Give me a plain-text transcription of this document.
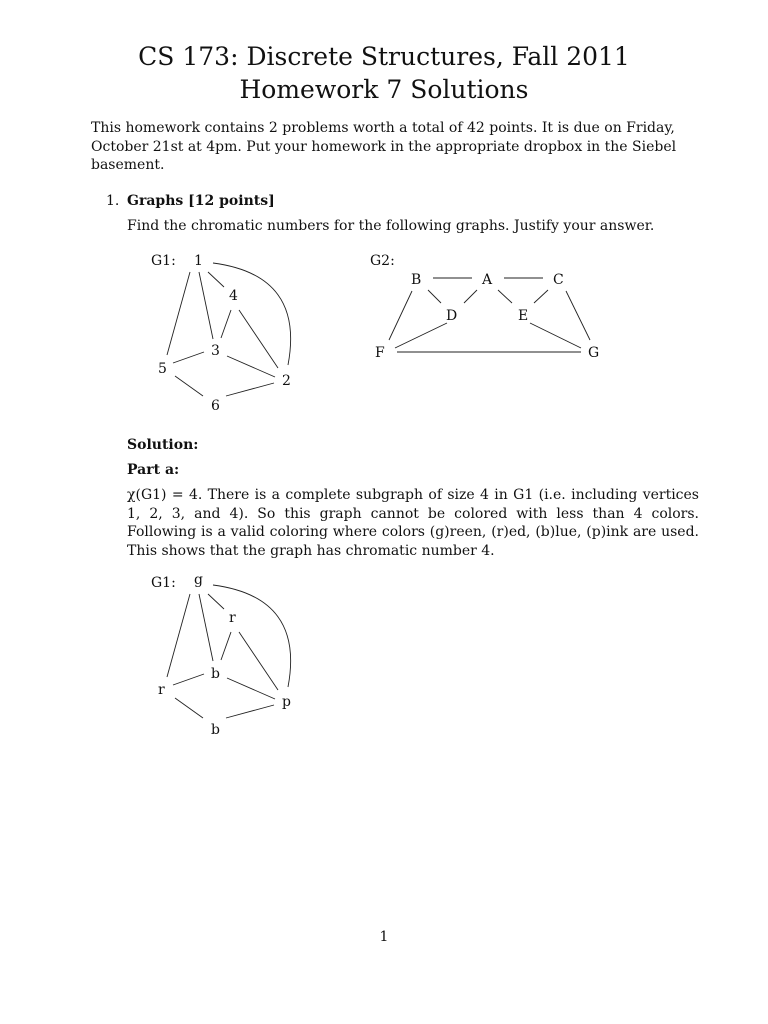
CS 173: Discrete Structures, Fall 2011
Homework 7 Solutions
This homework contains 2 problems worth a total of 42 points. It is due on Friday, October 21st at 4pm. Put your homework in the appropriate dropbox in the Siebel basement.
1. Graphs [12 points]
Find the chromatic numbers for the following graphs. Justify your answer.
G1: 1
2
3
4
5
6
G2:
B	A	C
D	E
F	G
G1: g
p
b
r
r
b
Solution:
Part a:
χ(G1) = 4. There is a complete subgraph of size 4 in G1 (i.e. including vertices 1, 2, 3, and 4). So this graph cannot be colored with less than 4 colors. Following is a valid coloring where colors (g)reen, (r)ed, (b)lue, (p)ink are used. This shows that the graph has chromatic number 4.
1
